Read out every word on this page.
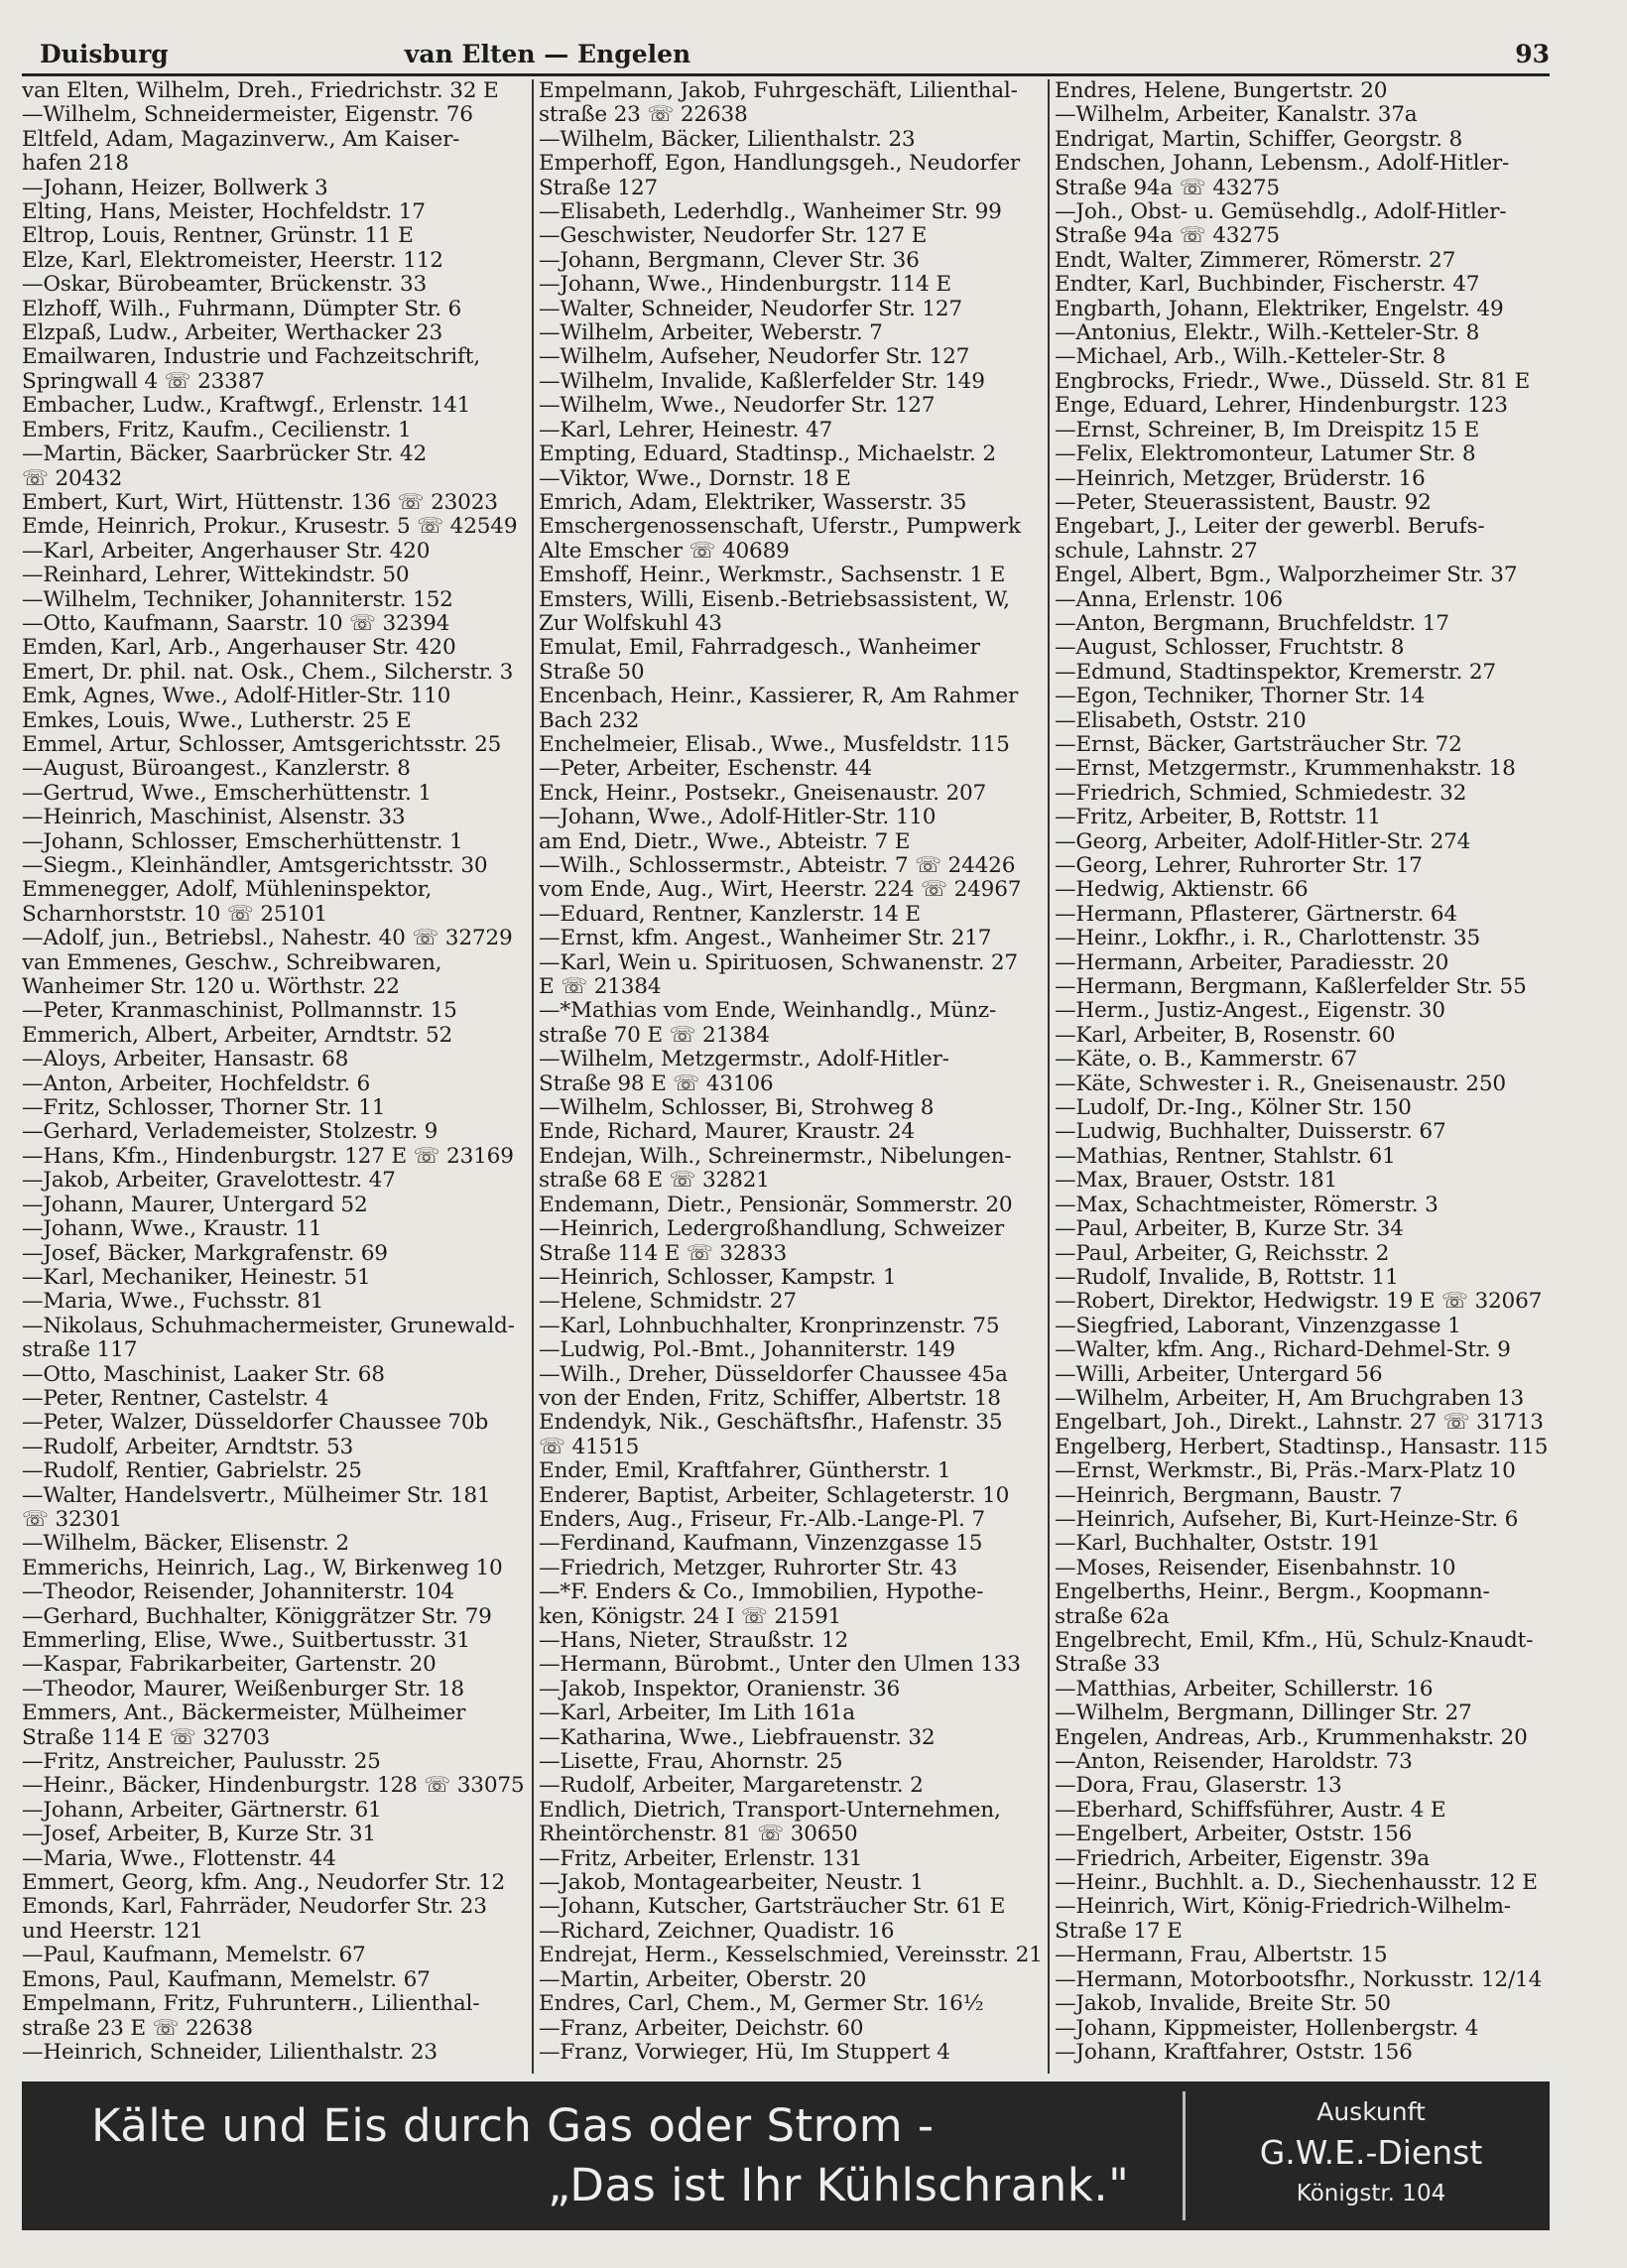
Duisburg	van Elten — Engelen	93
van Elten, Wilhelm, Dreh., Friedrichstr. 32 E
—Wilhelm, Schneidermeister, Eigenstr. 76
Eltfeld, Adam, Magazinverw., Am Kaiser-
hafen 218
—Johann, Heizer, Bollwerk 3
Elting, Hans, Meister, Hochfeldstr. 17
Eltrop, Louis, Rentner, Grünstr. 11 E
Elze, Karl, Elektromeister, Heerstr. 112
—Oskar, Bürobeamter, Brückenstr. 33
Elzhoff, Wilh., Fuhrmann, Dümpter Str. 6
Elzpaß, Ludw., Arbeiter, Werthacker 23
Emailwaren, Industrie und Fachzeitschrift,
Springwall 4 ☏ 23387
Embacher, Ludw., Kraftwgf., Erlenstr. 141
Embers, Fritz, Kaufm., Cecilienstr. 1
—Martin, Bäcker, Saarbrücker Str. 42
☏ 20432
Embert, Kurt, Wirt, Hüttenstr. 136 ☏ 23023
Emde, Heinrich, Prokur., Krusestr. 5 ☏ 42549
—Karl, Arbeiter, Angerhauser Str. 420
—Reinhard, Lehrer, Wittekindstr. 50
—Wilhelm, Techniker, Johanniterstr. 152
—Otto, Kaufmann, Saarstr. 10 ☏ 32394
Emden, Karl, Arb., Angerhauser Str. 420
Emert, Dr. phil. nat. Osk., Chem., Silcherstr. 3
Emk, Agnes, Wwe., Adolf-Hitler-Str. 110
Emkes, Louis, Wwe., Lutherstr. 25 E
Emmel, Artur, Schlosser, Amtsgerichtsstr. 25
—August, Büroangest., Kanzlerstr. 8
—Gertrud, Wwe., Emscherhüttenstr. 1
—Heinrich, Maschinist, Alsenstr. 33
—Johann, Schlosser, Emscherhüttenstr. 1
—Siegm., Kleinhändler, Amtsgerichtsstr. 30
Emmenegger, Adolf, Mühleninspektor,
Scharnhorststr. 10 ☏ 25101
—Adolf, jun., Betriebsl., Nahestr. 40 ☏ 32729
van Emmenes, Geschw., Schreibwaren,
Wanheimer Str. 120 u. Wörthstr. 22
—Peter, Kranmaschinist, Pollmannstr. 15
Emmerich, Albert, Arbeiter, Arndtstr. 52
—Aloys, Arbeiter, Hansastr. 68
—Anton, Arbeiter, Hochfeldstr. 6
—Fritz, Schlosser, Thorner Str. 11
—Gerhard, Verlademeister, Stolzestr. 9
—Hans, Kfm., Hindenburgstr. 127 E ☏ 23169
—Jakob, Arbeiter, Gravelottestr. 47
—Johann, Maurer, Untergard 52
—Johann, Wwe., Kraustr. 11
—Josef, Bäcker, Markgrafenstr. 69
—Karl, Mechaniker, Heinestr. 51
—Maria, Wwe., Fuchsstr. 81
—Nikolaus, Schuhmachermeister, Grunewald-
straße 117
—Otto, Maschinist, Laaker Str. 68
—Peter, Rentner, Castelstr. 4
—Peter, Walzer, Düsseldorfer Chaussee 70b
—Rudolf, Arbeiter, Arndtstr. 53
—Rudolf, Rentier, Gabrielstr. 25
—Walter, Handelsvertr., Mülheimer Str. 181
☏ 32301
—Wilhelm, Bäcker, Elisenstr. 2
Emmerichs, Heinrich, Lag., W, Birkenweg 10
—Theodor, Reisender, Johanniterstr. 104
—Gerhard, Buchhalter, Königgrätzer Str. 79
Emmerling, Elise, Wwe., Suitbertusstr. 31
—Kaspar, Fabrikarbeiter, Gartenstr. 20
—Theodor, Maurer, Weißenburger Str. 18
Emmers, Ant., Bäckermeister, Mülheimer
Straße 114 E ☏ 32703
—Fritz, Anstreicher, Paulusstr. 25
—Heinr., Bäcker, Hindenburgstr. 128 ☏ 33075
—Johann, Arbeiter, Gärtnerstr. 61
—Josef, Arbeiter, B, Kurze Str. 31
—Maria, Wwe., Flottenstr. 44
Emmert, Georg, kfm. Ang., Neudorfer Str. 12
Emonds, Karl, Fahrräder, Neudorfer Str. 23
und Heerstr. 121
—Paul, Kaufmann, Memelstr. 67
Emons, Paul, Kaufmann, Memelstr. 67
Empelmann, Fritz, Fuhrunterн., Lilienthal-
straße 23 E ☏ 22638
—Heinrich, Schneider, Lilienthalstr. 23
Empelmann, Jakob, Fuhrgeschäft, Lilienthal-
straße 23 ☏ 22638
—Wilhelm, Bäcker, Lilienthalstr. 23
Emperhoff, Egon, Handlungsgeh., Neudorfer
Straße 127
—Elisabeth, Lederhdlg., Wanheimer Str. 99
—Geschwister, Neudorfer Str. 127 E
—Johann, Bergmann, Clever Str. 36
—Johann, Wwe., Hindenburgstr. 114 E
—Walter, Schneider, Neudorfer Str. 127
—Wilhelm, Arbeiter, Weberstr. 7
—Wilhelm, Aufseher, Neudorfer Str. 127
—Wilhelm, Invalide, Kaßlerfelder Str. 149
—Wilhelm, Wwe., Neudorfer Str. 127
—Karl, Lehrer, Heinestr. 47
Empting, Eduard, Stadtinsp., Michaelstr. 2
—Viktor, Wwe., Dornstr. 18 E
Emrich, Adam, Elektriker, Wasserstr. 35
Emschergenossenschaft, Uferstr., Pumpwerk
Alte Emscher ☏ 40689
Emshoff, Heinr., Werkmstr., Sachsenstr. 1 E
Emsters, Willi, Eisenb.-Betriebsassistent, W,
Zur Wolfskuhl 43
Emulat, Emil, Fahrradgesch., Wanheimer
Straße 50
Encenbach, Heinr., Kassierer, R, Am Rahmer
Bach 232
Enchelmeier, Elisab., Wwe., Musfeldstr. 115
—Peter, Arbeiter, Eschenstr. 44
Enck, Heinr., Postsekr., Gneisenaustr. 207
—Johann, Wwe., Adolf-Hitler-Str. 110
am End, Dietr., Wwe., Abteistr. 7 E
—Wilh., Schlossermstr., Abteistr. 7 ☏ 24426
vom Ende, Aug., Wirt, Heerstr. 224 ☏ 24967
—Eduard, Rentner, Kanzlerstr. 14 E
—Ernst, kfm. Angest., Wanheimer Str. 217
—Karl, Wein u. Spirituosen, Schwanenstr. 27
E ☏ 21384
—*Mathias vom Ende, Weinhandlg., Münz-
straße 70 E ☏ 21384
—Wilhelm, Metzgermstr., Adolf-Hitler-
Straße 98 E ☏ 43106
—Wilhelm, Schlosser, Bi, Strohweg 8
Ende, Richard, Maurer, Kraustr. 24
Endejan, Wilh., Schreinermstr., Nibelungen-
straße 68 E ☏ 32821
Endemann, Dietr., Pensionär, Sommerstr. 20
—Heinrich, Ledergroßhandlung, Schweizer
Straße 114 E ☏ 32833
—Heinrich, Schlosser, Kampstr. 1
—Helene, Schmidstr. 27
—Karl, Lohnbuchhalter, Kronprinzenstr. 75
—Ludwig, Pol.-Bmt., Johanniterstr. 149
—Wilh., Dreher, Düsseldorfer Chaussee 45a
von der Enden, Fritz, Schiffer, Albertstr. 18
Endendyk, Nik., Geschäftsfhr., Hafenstr. 35
☏ 41515
Ender, Emil, Kraftfahrer, Güntherstr. 1
Enderer, Baptist, Arbeiter, Schlageterstr. 10
Enders, Aug., Friseur, Fr.-Alb.-Lange-Pl. 7
—Ferdinand, Kaufmann, Vinzenzgasse 15
—Friedrich, Metzger, Ruhrorter Str. 43
—*F. Enders & Co., Immobilien, Hypothe-
ken, Königstr. 24 I ☏ 21591
—Hans, Nieter, Straußstr. 12
—Hermann, Bürobmt., Unter den Ulmen 133
—Jakob, Inspektor, Oranienstr. 36
—Karl, Arbeiter, Im Lith 161a
—Katharina, Wwe., Liebfrauenstr. 32
—Lisette, Frau, Ahornstr. 25
—Rudolf, Arbeiter, Margaretenstr. 2
Endlich, Dietrich, Transport-Unternehmen,
Rheintörchenstr. 81 ☏ 30650
—Fritz, Arbeiter, Erlenstr. 131
—Jakob, Montagearbeiter, Neustr. 1
—Johann, Kutscher, Gartsträucher Str. 61 E
—Richard, Zeichner, Quadistr. 16
Endrejat, Herm., Kesselschmied, Vereinsstr. 21
—Martin, Arbeiter, Oberstr. 20
Endres, Carl, Chem., M, Germer Str. 16½
—Franz, Arbeiter, Deichstr. 60
—Franz, Vorwieger, Hü, Im Stuppert 4
Endres, Helene, Bungertstr. 20
—Wilhelm, Arbeiter, Kanalstr. 37a
Endrigat, Martin, Schiffer, Georgstr. 8
Endschen, Johann, Lebensm., Adolf-Hitler-
Straße 94a ☏ 43275
—Joh., Obst- u. Gemüsehdlg., Adolf-Hitler-
Straße 94a ☏ 43275
Endt, Walter, Zimmerer, Römerstr. 27
Endter, Karl, Buchbinder, Fischerstr. 47
Engbarth, Johann, Elektriker, Engelstr. 49
—Antonius, Elektr., Wilh.-Ketteler-Str. 8
—Michael, Arb., Wilh.-Ketteler-Str. 8
Engbrocks, Friedr., Wwe., Düsseld. Str. 81 E
Enge, Eduard, Lehrer, Hindenburgstr. 123
—Ernst, Schreiner, B, Im Dreispitz 15 E
—Felix, Elektromonteur, Latumer Str. 8
—Heinrich, Metzger, Brüderstr. 16
—Peter, Steuerassistent, Baustr. 92
Engebart, J., Leiter der gewerbl. Berufs-
schule, Lahnstr. 27
Engel, Albert, Bgm., Walporzheimer Str. 37
—Anna, Erlenstr. 106
—Anton, Bergmann, Bruchfeldstr. 17
—August, Schlosser, Fruchtstr. 8
—Edmund, Stadtinspektor, Kremerstr. 27
—Egon, Techniker, Thorner Str. 14
—Elisabeth, Oststr. 210
—Ernst, Bäcker, Gartsträucher Str. 72
—Ernst, Metzgermstr., Krummenhakstr. 18
—Friedrich, Schmied, Schmiedestr. 32
—Fritz, Arbeiter, B, Rottstr. 11
—Georg, Arbeiter, Adolf-Hitler-Str. 274
—Georg, Lehrer, Ruhrorter Str. 17
—Hedwig, Aktienstr. 66
—Hermann, Pflasterer, Gärtnerstr. 64
—Heinr., Lokfhr., i. R., Charlottenstr. 35
—Hermann, Arbeiter, Paradiesstr. 20
—Hermann, Bergmann, Kaßlerfelder Str. 55
—Herm., Justiz-Angest., Eigenstr. 30
—Karl, Arbeiter, B, Rosenstr. 60
—Käte, o. B., Kammerstr. 67
—Käte, Schwester i. R., Gneisenaustr. 250
—Ludolf, Dr.-Ing., Kölner Str. 150
—Ludwig, Buchhalter, Duisserstr. 67
—Mathias, Rentner, Stahlstr. 61
—Max, Brauer, Oststr. 181
—Max, Schachtmeister, Römerstr. 3
—Paul, Arbeiter, B, Kurze Str. 34
—Paul, Arbeiter, G, Reichsstr. 2
—Rudolf, Invalide, B, Rottstr. 11
—Robert, Direktor, Hedwigstr. 19 E ☏ 32067
—Siegfried, Laborant, Vinzenzgasse 1
—Walter, kfm. Ang., Richard-Dehmel-Str. 9
—Willi, Arbeiter, Untergard 56
—Wilhelm, Arbeiter, H, Am Bruchgraben 13
Engelbart, Joh., Direkt., Lahnstr. 27 ☏ 31713
Engelberg, Herbert, Stadtinsp., Hansastr. 115
—Ernst, Werkmstr., Bi, Präs.-Marx-Platz 10
—Heinrich, Bergmann, Baustr. 7
—Heinrich, Aufseher, Bi, Kurt-Heinze-Str. 6
—Karl, Buchhalter, Oststr. 191
—Moses, Reisender, Eisenbahnstr. 10
Engelberths, Heinr., Bergm., Koopmann-
straße 62a
Engelbrecht, Emil, Kfm., Hü, Schulz-Knaudt-
Straße 33
—Matthias, Arbeiter, Schillerstr. 16
—Wilhelm, Bergmann, Dillinger Str. 27
Engelen, Andreas, Arb., Krummenhakstr. 20
—Anton, Reisender, Haroldstr. 73
—Dora, Frau, Glaserstr. 13
—Eberhard, Schiffsführer, Austr. 4 E
—Engelbert, Arbeiter, Oststr. 156
—Friedrich, Arbeiter, Eigenstr. 39a
—Heinr., Buchhlt. a. D., Siechenhausstr. 12 E
—Heinrich, Wirt, König-Friedrich-Wilhelm-
Straße 17 E
—Hermann, Frau, Albertstr. 15
—Hermann, Motorbootsfhr., Norkusstr. 12/14
—Jakob, Invalide, Breite Str. 50
—Johann, Kippmeister, Hollenbergstr. 4
—Johann, Kraftfahrer, Oststr. 156
Kälte und Eis durch Gas oder Strom -
„Das ist Ihr Kühlschrank."
Auskunft
G.W.E.-Dienst
Königstr. 104
